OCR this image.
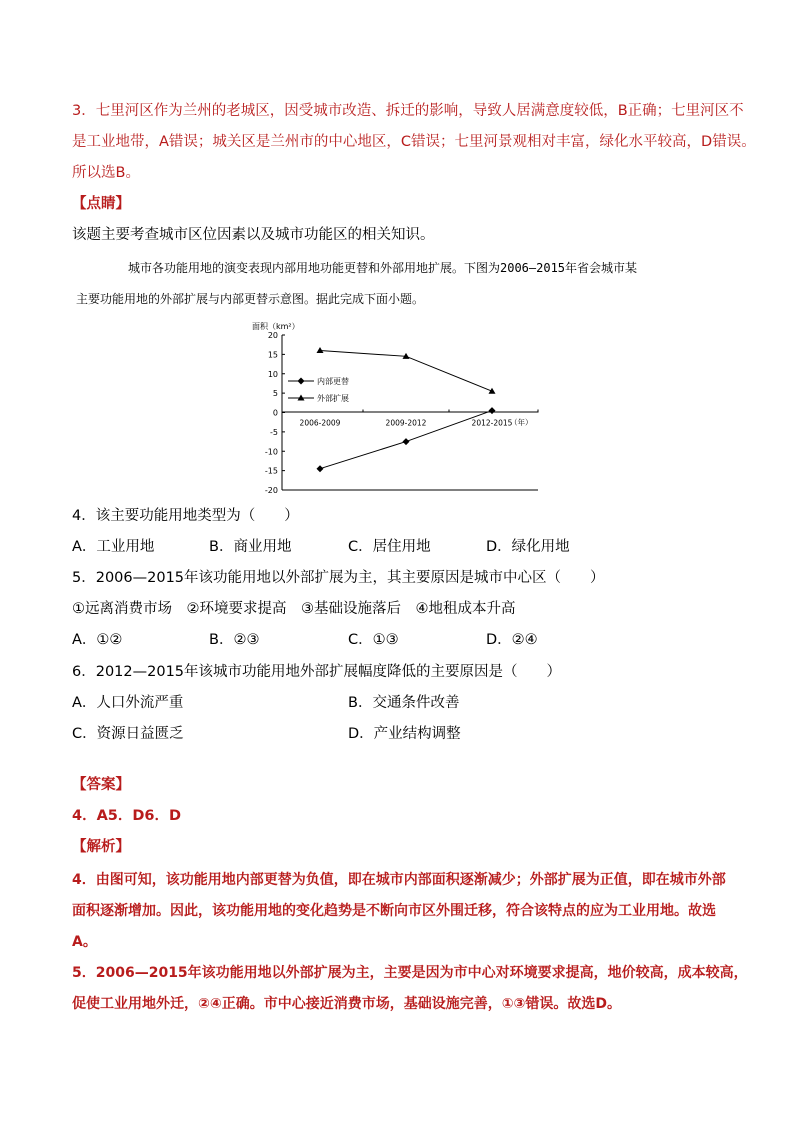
3．七里河区作为兰州的老城区，因受城市改造、拆迁的影响，导致人居满意度较低，B正确；七里河区不
是工业地带，A错误；城关区是兰州市的中心地区，C错误；七里河景观相对丰富，绿化水平较高，D错误。
所以选B。
【点睛】
该题主要考查城市区位因素以及城市功能区的相关知识。
城市各功能用地的演变表现内部用地功能更替和外部用地扩展。下图为2006—2015年省会城市某
主要功能用地的外部扩展与内部更替示意图。据此完成下面小题。
面积（km²）
20
15
10
5
0
-5
-10
-15
-20
2006-2009	2009-2012	2012-2015
（年）
内部更替
外部扩展
4．该主要功能用地类型为（　　）
A．工业用地	B．商业用地	C．居住用地	D．绿化用地
5．2006—2015年该功能用地以外部扩展为主，其主要原因是城市中心区（　　）
①远离消费市场　②环境要求提高　③基础设施落后　④地租成本升高
A．①②	B．②③	C．①③	D．②④
6．2012—2015年该城市功能用地外部扩展幅度降低的主要原因是（　　）
A．人口外流严重	B．交通条件改善
C．资源日益匮乏	D．产业结构调整
【答案】
4．A5．D6．D
【解析】
4．由图可知，该功能用地内部更替为负值，即在城市内部面积逐渐减少；外部扩展为正值，即在城市外部
面积逐渐增加。因此，该功能用地的变化趋势是不断向市区外围迁移，符合该特点的应为工业用地。故选
A。
5．2006—2015年该功能用地以外部扩展为主，主要是因为市中心对环境要求提高，地价较高，成本较高，
促使工业用地外迁，②④正确。市中心接近消费市场，基础设施完善，①③错误。故选D。
